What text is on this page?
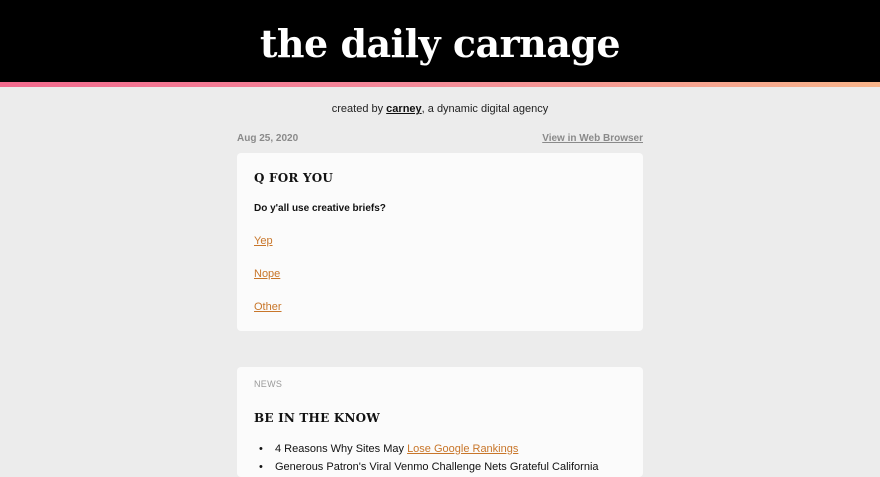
the daily carnage
created by carney, a dynamic digital agency
Aug 25, 2020	View in Web Browser
Q FOR YOU
Do y'all use creative briefs?
Yep
Nope
Other
NEWS
BE IN THE KNOW
• 4 Reasons Why Sites May Lose Google Rankings
• Generous Patron's Viral Venmo Challenge Nets Grateful California
